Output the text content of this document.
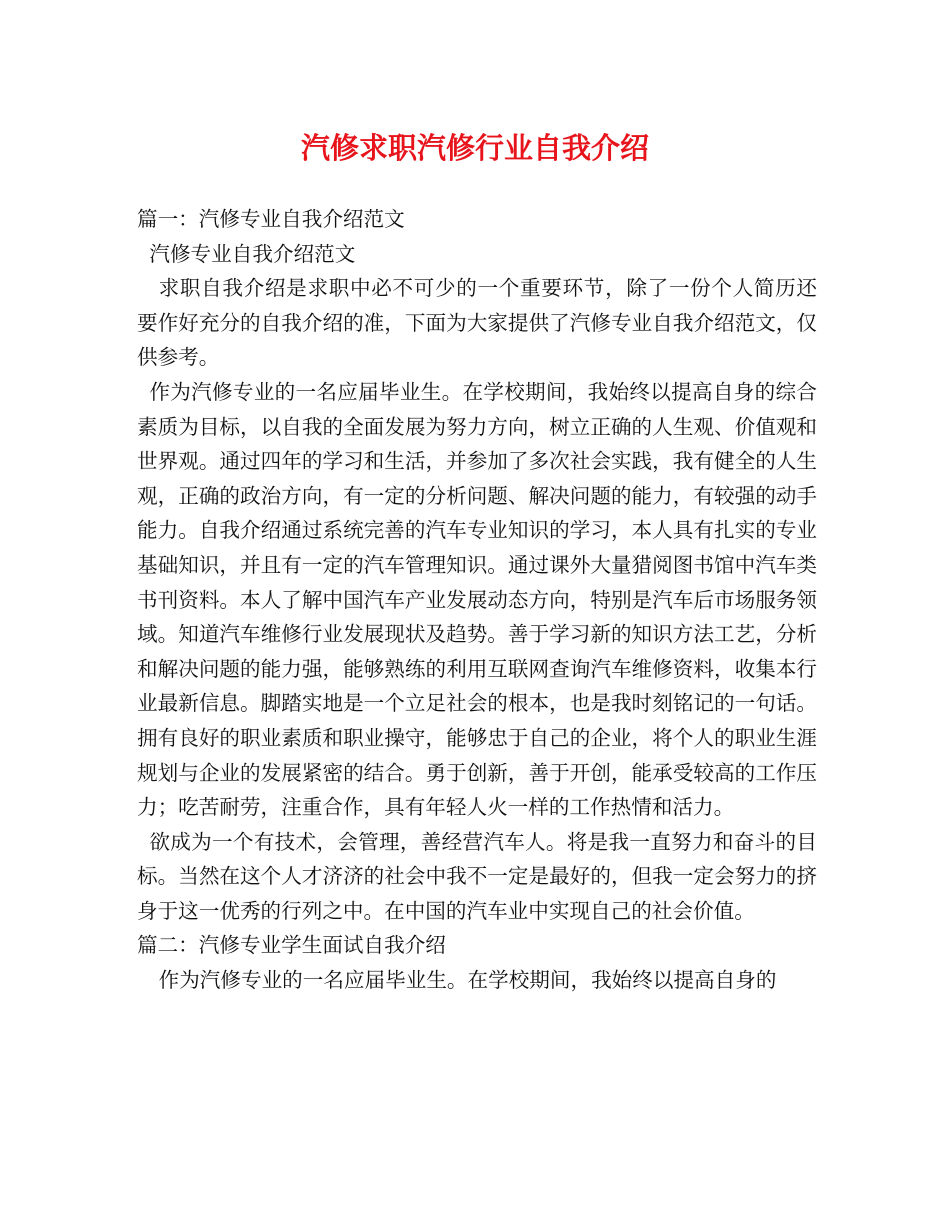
汽修求职汽修行业自我介绍

篇一：汽修专业自我介绍范文

汽修专业自我介绍范文

求职自我介绍是求职中必不可少的一个重要环节，除了一份个人简历还要作好充分的自我介绍的准，下面为大家提供了汽修专业自我介绍范文，仅供参考。

作为汽修专业的一名应届毕业生。在学校期间，我始终以提高自身的综合素质为目标，以自我的全面发展为努力方向，树立正确的人生观、价值观和世界观。通过四年的学习和生活，并参加了多次社会实践，我有健全的人生观，正确的政治方向，有一定的分析问题、解决问题的能力，有较强的动手能力。自我介绍通过系统完善的汽车专业知识的学习，本人具有扎实的专业基础知识，并且有一定的汽车管理知识。通过课外大量猎阅图书馆中汽车类书刊资料。本人了解中国汽车产业发展动态方向，特别是汽车后市场服务领域。知道汽车维修行业发展现状及趋势。善于学习新的知识方法工艺，分析和解决问题的能力强，能够熟练的利用互联网查询汽车维修资料，收集本行业最新信息。脚踏实地是一个立足社会的根本，也是我时刻铭记的一句话。拥有良好的职业素质和职业操守，能够忠于自己的企业，将个人的职业生涯规划与企业的发展紧密的结合。勇于创新，善于开创，能承受较高的工作压力；吃苦耐劳，注重合作，具有年轻人火一样的工作热情和活力。

欲成为一个有技术，会管理，善经营汽车人。将是我一直努力和奋斗的目标。当然在这个人才济济的社会中我不一定是最好的，但我一定会努力的挤身于这一优秀的行列之中。在中国的汽车业中实现自己的社会价值。

篇二：汽修专业学生面试自我介绍

作为汽修专业的一名应届毕业生。在学校期间，我始终以提高自身的
